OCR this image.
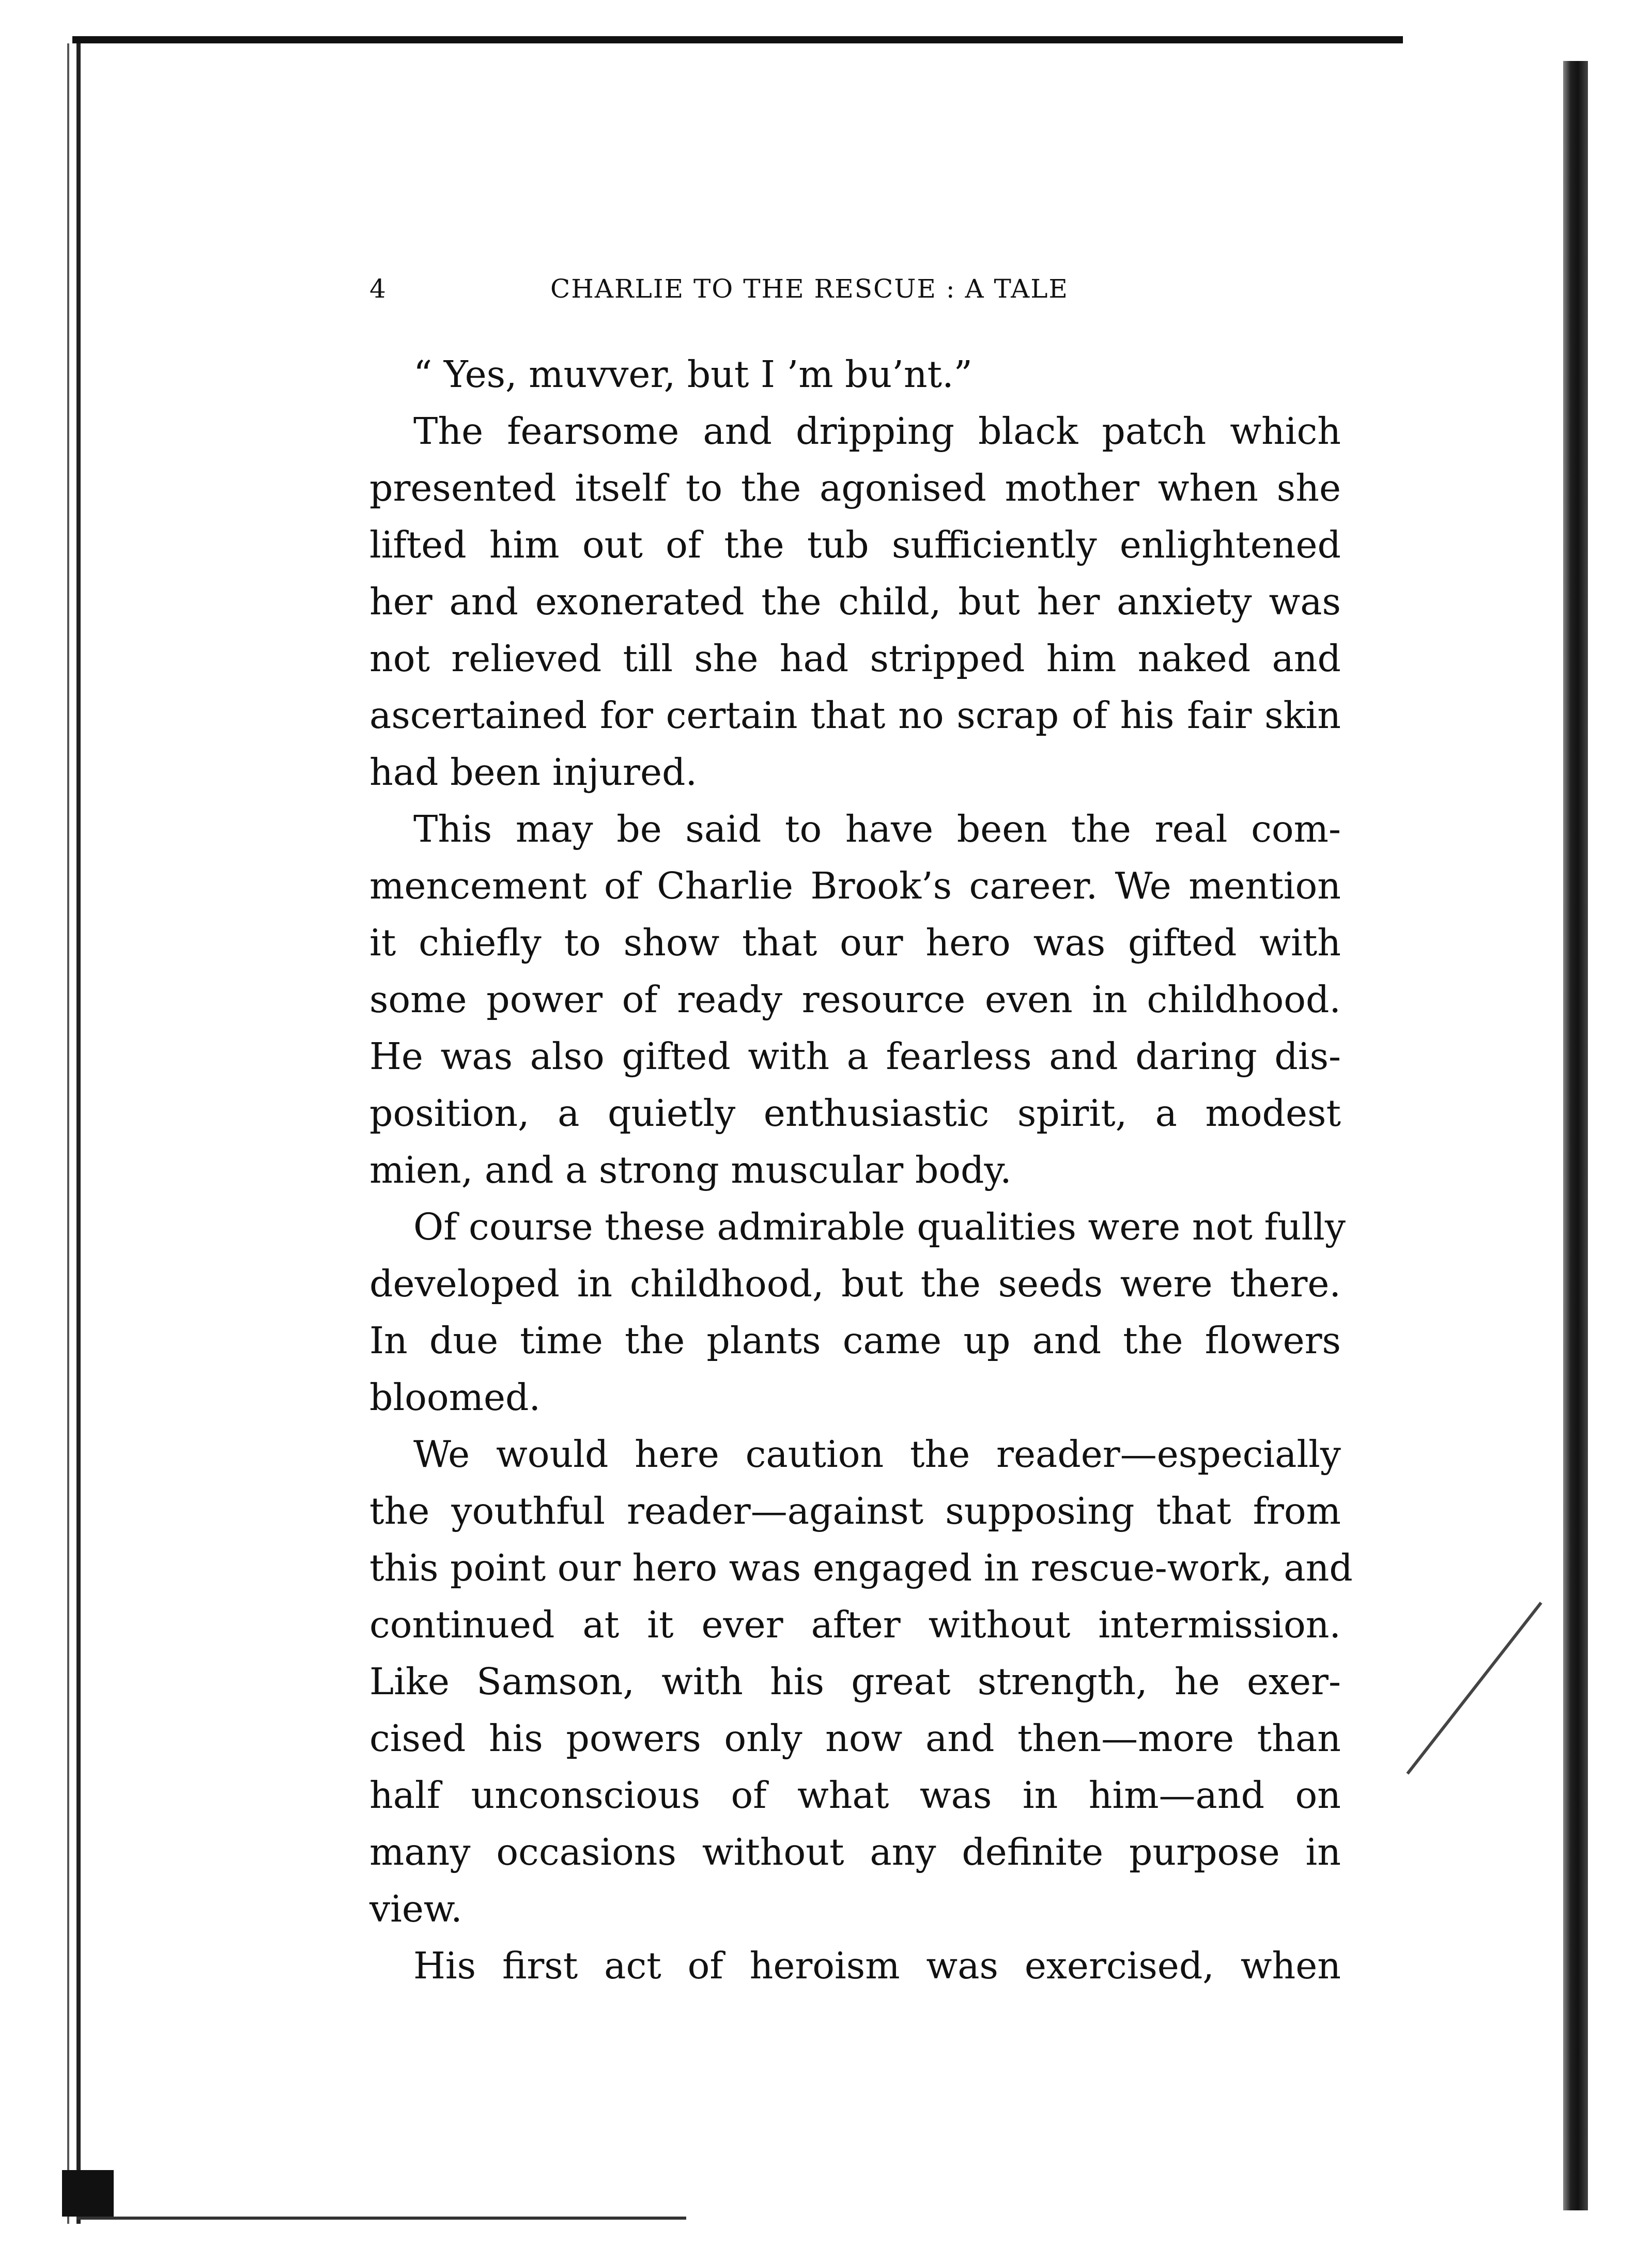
4	CHARLIE TO THE RESCUE : A TALE
“ Yes, muvver, but I ’m bu’nt.”
The fearsome and dripping black patch which
presented itself to the agonised mother when she
lifted him out of the tub sufficiently enlightened
her and exonerated the child, but her anxiety was
not relieved till she had stripped him naked and
ascertained for certain that no scrap of his fair skin
had been injured.
This may be said to have been the real com-
mencement of Charlie Brook’s career. We mention
it chiefly to show that our hero was gifted with
some power of ready resource even in childhood.
He was also gifted with a fearless and daring dis-
position, a quietly enthusiastic spirit, a modest
mien, and a strong muscular body.
Of course these admirable qualities were not fully
developed in childhood, but the seeds were there.
In due time the plants came up and the flowers
bloomed.
We would here caution the reader—especially
the youthful reader—against supposing that from
this point our hero was engaged in rescue-work, and
continued at it ever after without intermission.
Like Samson, with his great strength, he exer-
cised his powers only now and then—more than
half unconscious of what was in him—and on
many occasions without any definite purpose in
view.
His first act of heroism was exercised, when
